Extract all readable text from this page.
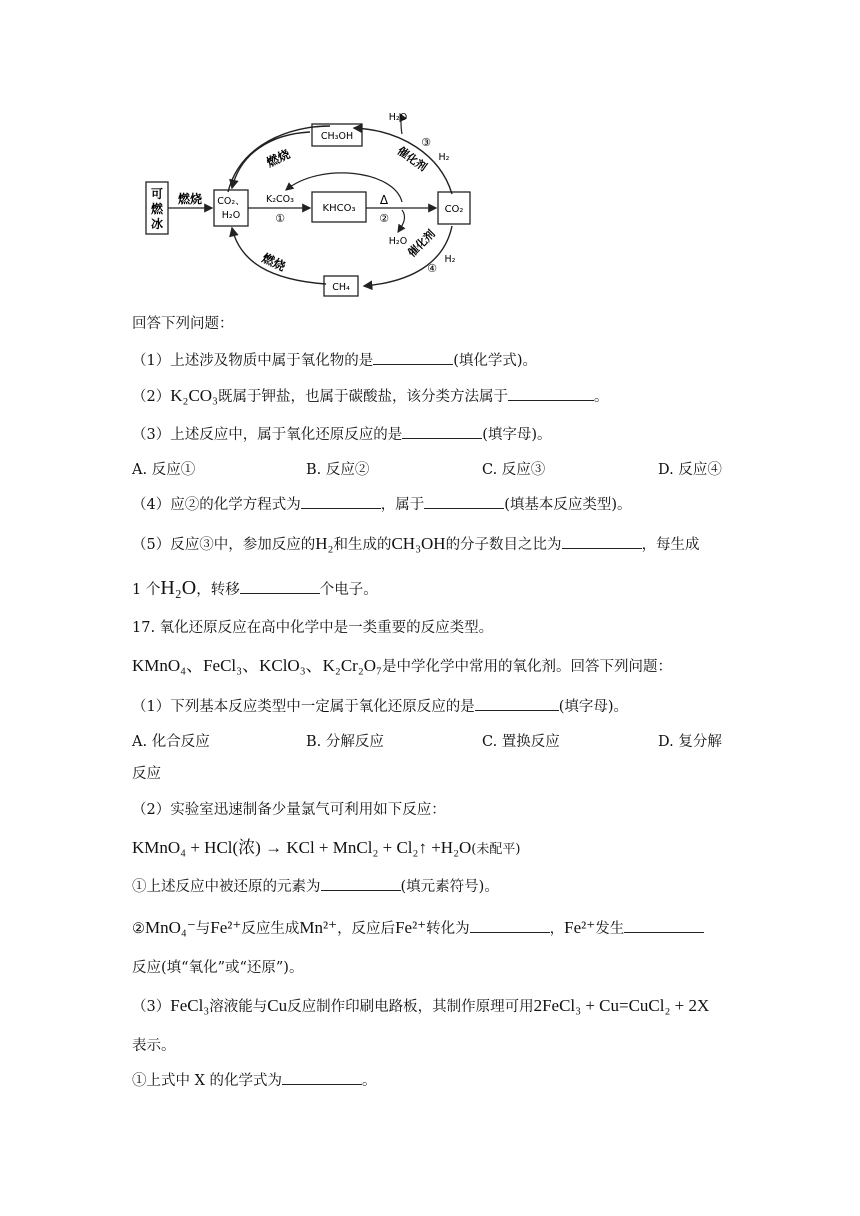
可
燃
冰
燃烧 CO₂、
H₂O
K₂CO₃
①
KHCO₃
Δ
②
H₂O
CO₂
CH₃OH
燃烧
H₂O
③
H₂
催化剂
CH₄
燃烧
催化剂 H₂
④
回答下列问题：
（1）上述涉及物质中属于氧化物的是	(填化学式)。
（2）K₂CO₃既属于钾盐，也属于碳酸盐，该分类方法属于	。
（3）上述反应中，属于氧化还原反应的是	(填字母)。
A. 反应①	B. 反应②	C. 反应③	D. 反应④
（4）应②的化学方程式为	，属于	(填基本反应类型)。
（5）反应③中，参加反应的H₂和生成的CH₃OH的分子数目之比为	，每生成
1 个H₂O，转移	个电子。
17. 氧化还原反应在高中化学中是一类重要的反应类型。
KMnO₄、FeCl₃、KClO₃、K₂Cr₂O₇是中学化学中常用的氧化剂。回答下列问题：
（1）下列基本反应类型中一定属于氧化还原反应的是	(填字母)。
A. 化合反应	B. 分解反应	C. 置换反应	D. 复分解
反应
（2）实验室迅速制备少量氯气可利用如下反应：
KMnO₄ + HCl(浓) → KCl + MnCl₂ + Cl₂↑ +H₂O(未配平)
①上述反应中被还原的元素为	(填元素符号)。
②MnO₄⁻与Fe²⁺反应生成Mn²⁺，反应后Fe²⁺转化为	，Fe²⁺发生
反应(填“氧化”或“还原”)。
（3）FeCl₃溶液能与Cu反应制作印刷电路板，其制作原理可用2FeCl₃ + Cu=CuCl₂ + 2X
表示。
①上式中 X 的化学式为	。
